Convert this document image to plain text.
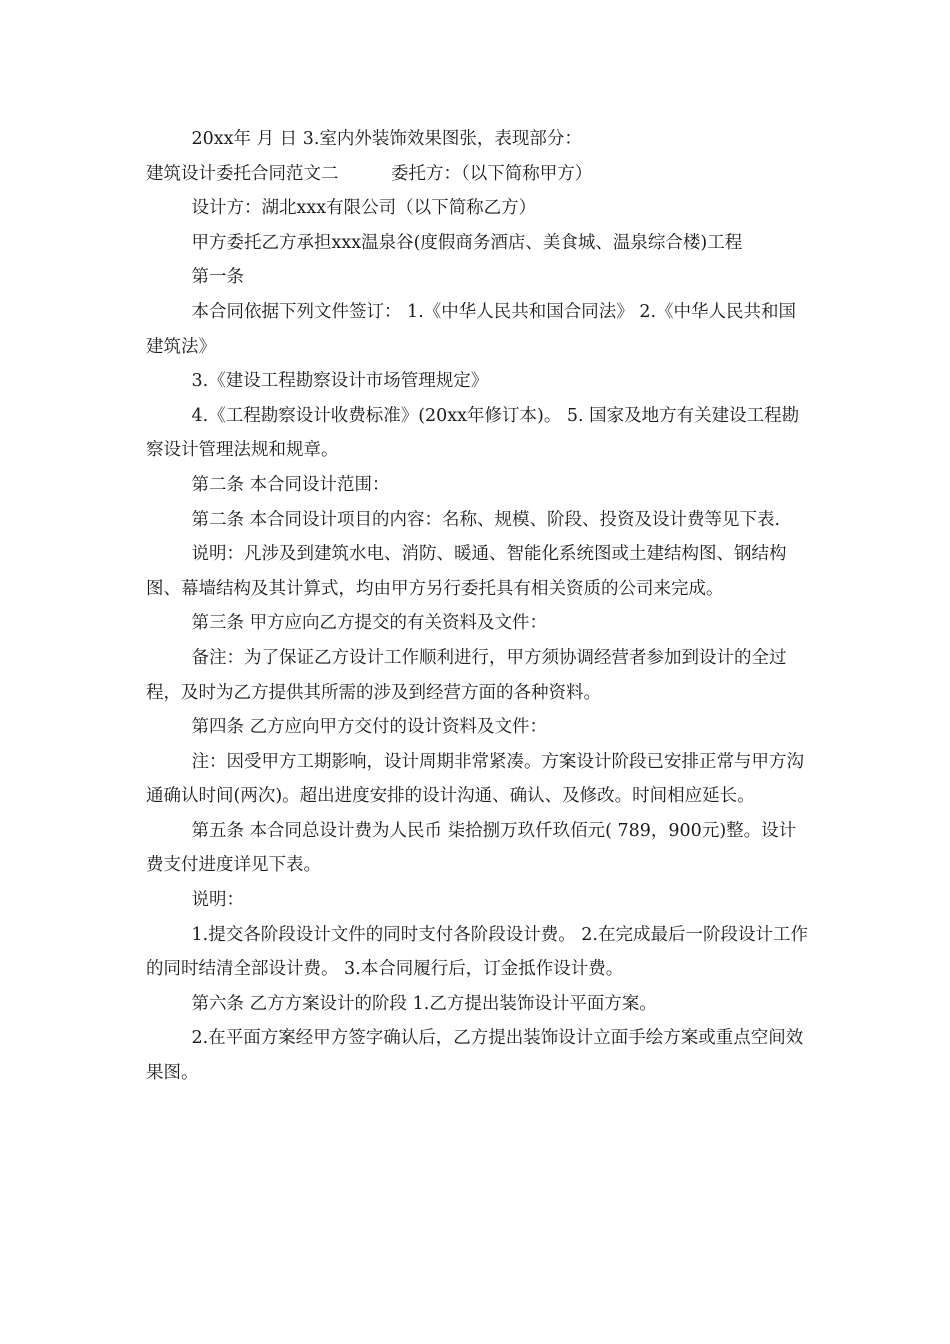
20xx年 月 日 3.室内外装饰效果图张，表现部分：

建筑设计委托合同范文二　　　委托方：（以下简称甲方）

设计方：湖北xxx有限公司（以下简称乙方）

甲方委托乙方承担xxx温泉谷(度假商务酒店、美食城、温泉综合楼)工程

第一条

本合同依据下列文件签订： 1.《中华人民共和国合同法》 2.《中华人民共和国建筑法》

3.《建设工程勘察设计市场管理规定》

4.《工程勘察设计收费标准》(20xx年修订本)。 5. 国家及地方有关建设工程勘察设计管理法规和规章。

第二条 本合同设计范围：

第二条 本合同设计项目的内容：名称、规模、阶段、投资及设计费等见下表.

说明：凡涉及到建筑水电、消防、暖通、智能化系统图或土建结构图、钢结构图、幕墙结构及其计算式，均由甲方另行委托具有相关资质的公司来完成。

第三条 甲方应向乙方提交的有关资料及文件：

备注：为了保证乙方设计工作顺利进行，甲方须协调经营者参加到设计的全过程，及时为乙方提供其所需的涉及到经营方面的各种资料。

第四条 乙方应向甲方交付的设计资料及文件：

注：因受甲方工期影响，设计周期非常紧凑。方案设计阶段已安排正常与甲方沟通确认时间(两次)。超出进度安排的设计沟通、确认、及修改。时间相应延长。

第五条 本合同总设计费为人民币 柒拾捌万玖仟玖佰元( 789，900元)整。设计费支付进度详见下表。

说明：

1.提交各阶段设计文件的同时支付各阶段设计费。 2.在完成最后一阶段设计工作的同时结清全部设计费。 3.本合同履行后，订金抵作设计费。

第六条 乙方方案设计的阶段 1.乙方提出装饰设计平面方案。

2.在平面方案经甲方签字确认后，乙方提出装饰设计立面手绘方案或重点空间效果图。
